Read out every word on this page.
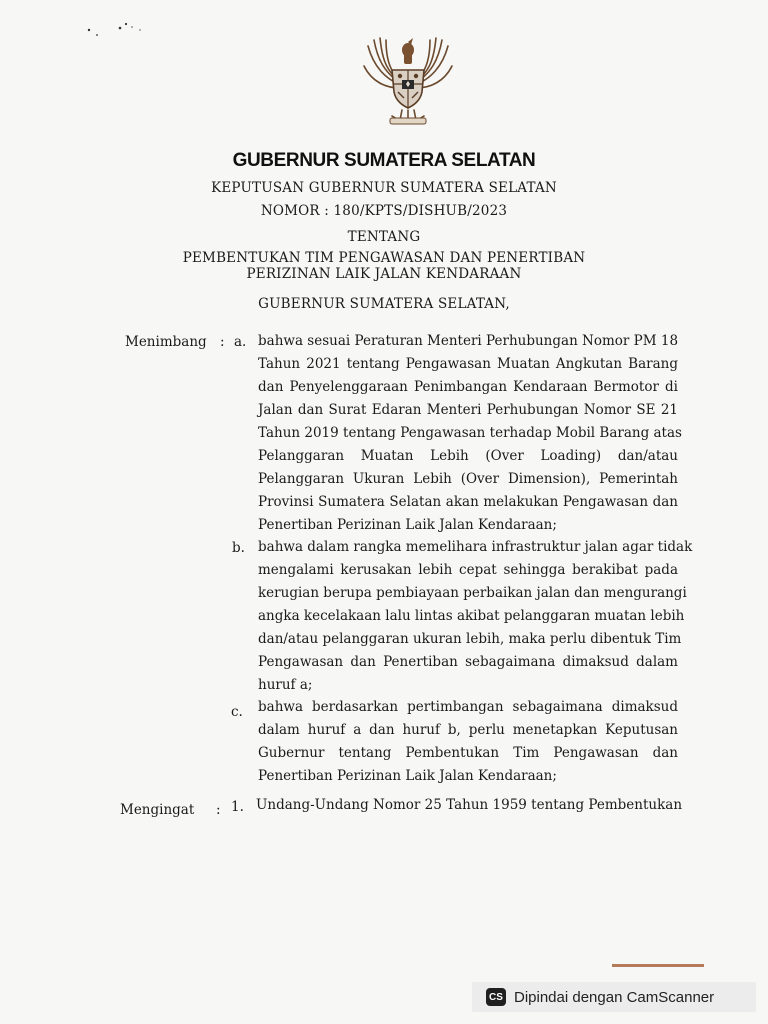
GUBERNUR SUMATERA SELATAN
KEPUTUSAN GUBERNUR SUMATERA SELATAN
NOMOR : 180/KPTS/DISHUB/2023
TENTANG
PEMBENTUKAN TIM PENGAWASAN DAN PENERTIBAN
PERIZINAN LAIK JALAN KENDARAAN
GUBERNUR SUMATERA SELATAN,
Menimbang : a. bahwa sesuai Peraturan Menteri Perhubungan Nomor PM 18
Tahun 2021 tentang Pengawasan Muatan Angkutan Barang
dan Penyelenggaraan Penimbangan Kendaraan Bermotor di
Jalan dan Surat Edaran Menteri Perhubungan Nomor SE 21
Tahun 2019 tentang Pengawasan terhadap Mobil Barang atas
Pelanggaran Muatan Lebih (Over Loading) dan/atau
Pelanggaran Ukuran Lebih (Over Dimension), Pemerintah
Provinsi Sumatera Selatan akan melakukan Pengawasan dan
Penertiban Perizinan Laik Jalan Kendaraan;
b. bahwa dalam rangka memelihara infrastruktur jalan agar tidak
mengalami kerusakan lebih cepat sehingga berakibat pada
kerugian berupa pembiayaan perbaikan jalan dan mengurangi
angka kecelakaan lalu lintas akibat pelanggaran muatan lebih
dan/atau pelanggaran ukuran lebih, maka perlu dibentuk Tim
Pengawasan dan Penertiban sebagaimana dimaksud dalam
huruf a;
c. bahwa berdasarkan pertimbangan sebagaimana dimaksud
dalam huruf a dan huruf b, perlu menetapkan Keputusan
Gubernur tentang Pembentukan Tim Pengawasan dan
Penertiban Perizinan Laik Jalan Kendaraan;
Mengingat : 1. Undang-Undang Nomor 25 Tahun 1959 tentang Pembentukan
CS Dipindai dengan CamScanner
